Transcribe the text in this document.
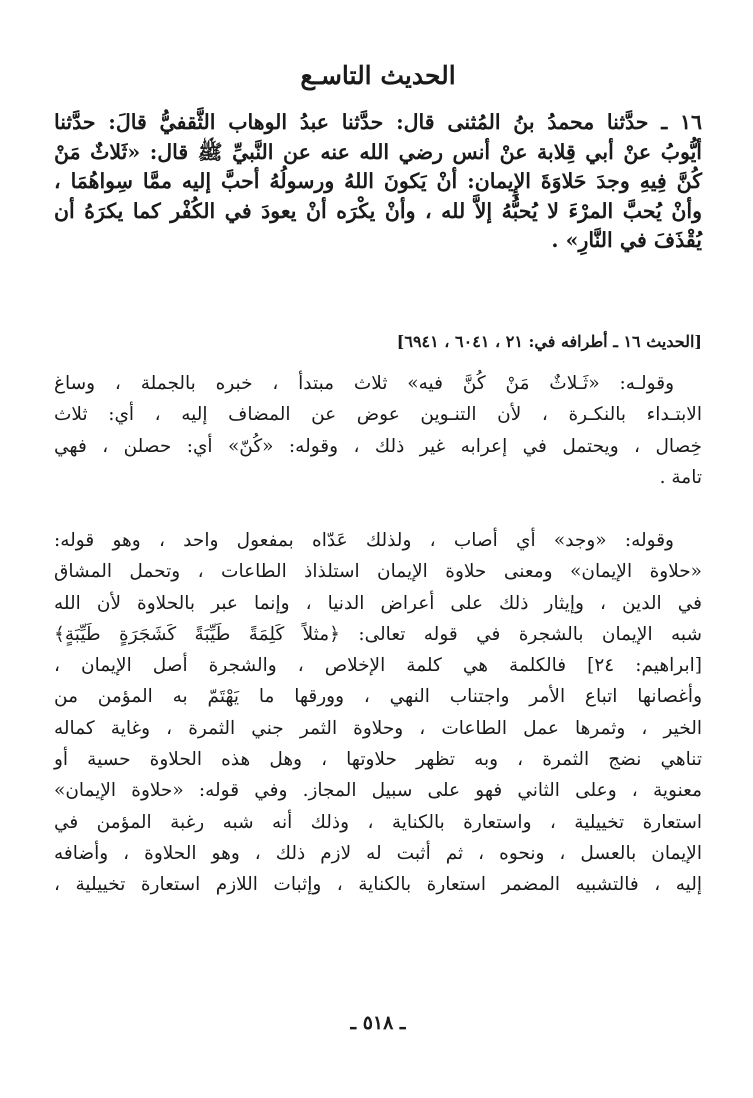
الحديث التاسـع
١٦ ـ حدَّثنا محمدُ بنُ المُثنى قال: حدَّثنا عبدُ الوهاب الثَّقفيُّ قالَ: حدَّثنا
أيُّوبُ عنْ أبي قِلابة عنْ أنس رضي الله عنه عن النَّبيِّ ﷺ قال: «ثَلاثٌ مَنْ
كُنَّ فِيهِ وجدَ حَلاوَةَ الإِيمان: أنْ يَكونَ اللهُ ورسولُهُ أحبَّ إليه ممَّا سِواهُمَا ،
وأنْ يُحبَّ المرْءَ لا يُحبُّهُ إلاَّ لله ، وأنْ يكْرَه أنْ يعودَ في الكُفْر كما يكرَهُ أن
يُقْذَفَ في النَّارِ» .
[الحديث ١٦ ـ أطرافه في: ٢١ ، ٦٠٤١ ، ٦٩٤١]
وقولـه: «ثَـلاثٌ مَنْ كُنَّ فيه» ثلاث مبتدأ ، خبره بالجملة ، وساغ
الابتـداء بالنكـرة ، لأن التنـوين عوض عن المضاف إليه ، أي: ثلاث
خِصال ، ويحتمل في إعرابه غير ذلك ، وقوله: «كُنّ» أي: حصلن ، فهي
تامة .
وقوله: «وجد» أي أصاب ، ولذلك عَدّاه بمفعول واحد ، وهو قوله:
«حلاوة الإيمان» ومعنى حلاوة الإيمان استلذاذ الطاعات ، وتحمل المشاق
في الدين ، وإيثار ذلك على أعراض الدنيا ، وإنما عبر بالحلاوة لأن الله
شبه الإيمان بالشجرة في قوله تعالى: ﴿مثلاً كَلِمَةً طَيِّبَةً كَشَجَرَةٍ طَيِّبَةٍ﴾
[ابراهيم: ٢٤] فالكلمة هي كلمة الإخلاص ، والشجرة أصل الإيمان ،
وأغصانها اتباع الأمر واجتناب النهي ، وورقها ما يَهْتَمّ به المؤمن من
الخير ، وثمرها عمل الطاعات ، وحلاوة الثمر جني الثمرة ، وغاية كماله
تناهي نضج الثمرة ، وبه تظهر حلاوتها ، وهل هذه الحلاوة حسية أو
معنوية ، وعلى الثاني فهو على سبيل المجاز. وفي قوله: «حلاوة الإيمان»
استعارة تخييلية ، واستعارة بالكناية ، وذلك أنه شبه رغبة المؤمن في
الإيمان بالعسل ، ونحوه ، ثم أثبت له لازم ذلك ، وهو الحلاوة ، وأضافه
إليه ، فالتشبيه المضمر استعارة بالكناية ، وإثبات اللازم استعارة تخييلية ،
ـ ٥١٨ ـ
